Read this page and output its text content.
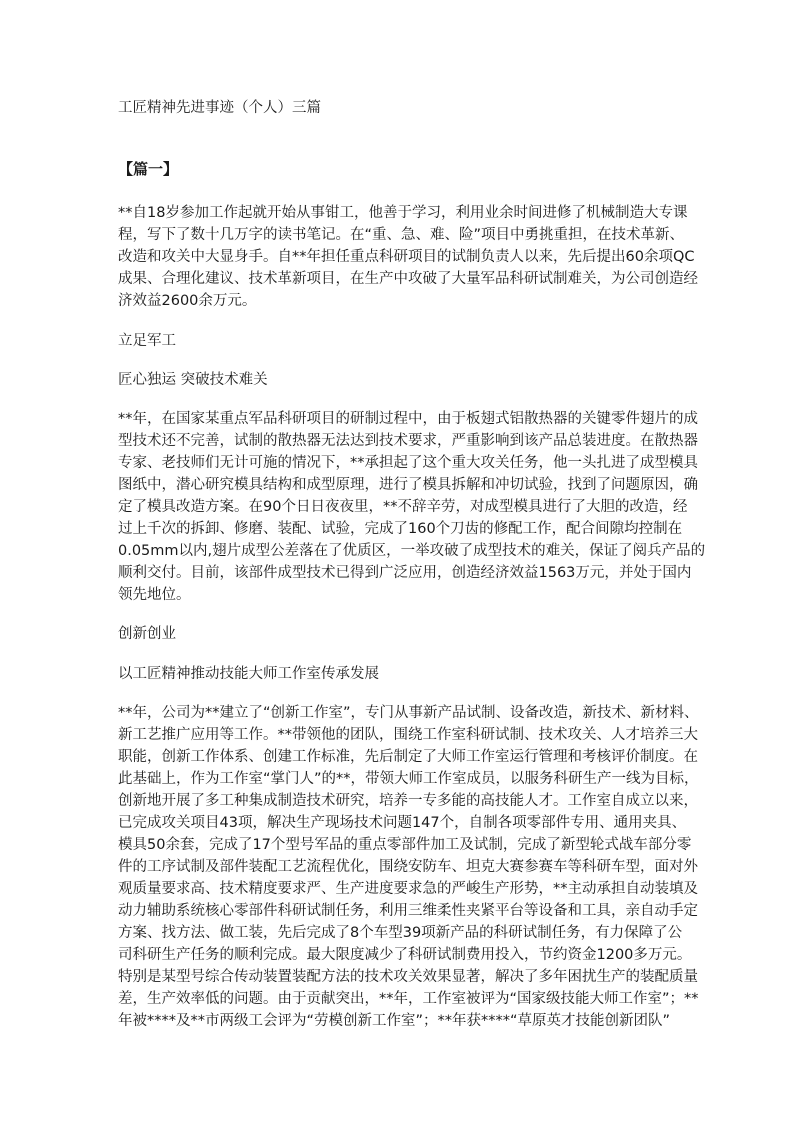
工匠精神先进事迹（个人）三篇

【篇一】

**自18岁参加工作起就开始从事钳工，他善于学习，利用业余时间进修了机械制造大专课

程，写下了数十几万字的读书笔记。在“重、急、难、险”项目中勇挑重担，在技术革新、

改造和攻关中大显身手。自**年担任重点科研项目的试制负责人以来，先后提出60余项QC

成果、合理化建议、技术革新项目，在生产中攻破了大量军品科研试制难关，为公司创造经

济效益2600余万元。

立足军工

匠心独运 突破技术难关

**年，在国家某重点军品科研项目的研制过程中，由于板翅式铝散热器的关键零件翅片的成

型技术还不完善，试制的散热器无法达到技术要求，严重影响到该产品总装进度。在散热器

专家、老技师们无计可施的情况下，**承担起了这个重大攻关任务，他一头扎进了成型模具

图纸中，潜心研究模具结构和成型原理，进行了模具拆解和冲切试验，找到了问题原因，确

定了模具改造方案。在90个日日夜夜里，**不辞辛劳，对成型模具进行了大胆的改造，经

过上千次的拆卸、修磨、装配、试验，完成了160个刀齿的修配工作，配合间隙均控制在

0.05mm以内,翅片成型公差落在了优质区，一举攻破了成型技术的难关，保证了阅兵产品的

顺利交付。目前，该部件成型技术已得到广泛应用，创造经济效益1563万元，并处于国内

领先地位。

创新创业

以工匠精神推动技能大师工作室传承发展

**年，公司为**建立了“创新工作室”，专门从事新产品试制、设备改造，新技术、新材料、

新工艺推广应用等工作。**带领他的团队，围绕工作室科研试制、技术攻关、人才培养三大

职能，创新工作体系、创建工作标准，先后制定了大师工作室运行管理和考核评价制度。在

此基础上，作为工作室“掌门人”的**，带领大师工作室成员，以服务科研生产一线为目标，

创新地开展了多工种集成制造技术研究，培养一专多能的高技能人才。工作室自成立以来，

已完成攻关项目43项，解决生产现场技术问题147个，自制各项零部件专用、通用夹具、

模具50余套，完成了17个型号军品的重点零部件加工及试制，完成了新型轮式战车部分零

件的工序试制及部件装配工艺流程优化，围绕安防车、坦克大赛参赛车等科研车型，面对外

观质量要求高、技术精度要求严、生产进度要求急的严峻生产形势，**主动承担自动装填及

动力辅助系统核心零部件科研试制任务，利用三维柔性夹紧平台等设备和工具，亲自动手定

方案、找方法、做工装，先后完成了8个车型39项新产品的科研试制任务，有力保障了公

司科研生产任务的顺利完成。最大限度减少了科研试制费用投入，节约资金1200多万元。

特别是某型号综合传动装置装配方法的技术攻关效果显著，解决了多年困扰生产的装配质量

差，生产效率低的问题。由于贡献突出，**年，工作室被评为“国家级技能大师工作室”；**

年被****及**市两级工会评为“劳模创新工作室”；**年获****“草原英才技能创新团队”
